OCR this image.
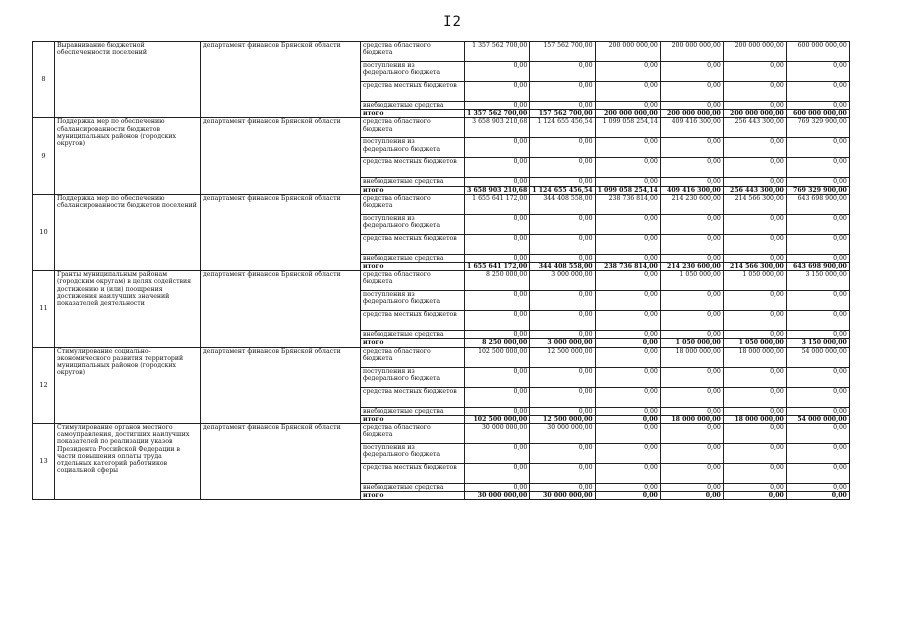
I2
8	Выравнивание бюджетной обеспеченности поселений	департамент финансов Брянской области	средства областного бюджета	1 357 562 700,00	157 562 700,00	200 000 000,00	200 000 000,00	200 000 000,00	600 000 000,00
			поступления из федерального бюджета	0,00	0,00	0,00	0,00	0,00	0,00
			средства местных бюджетов	0,00	0,00	0,00	0,00	0,00	0,00
			внебюджетные средства	0,00	0,00	0,00	0,00	0,00	0,00
			итого	1 357 562 700,00	157 562 700,00	200 000 000,00	200 000 000,00	200 000 000,00	600 000 000,00
9	Поддержка мер по обеспечению сбалансированности бюджетов муниципальных районов (городских округов)	департамент финансов Брянской области	средства областного бюджета	3 658 903 210,68	1 124 655 456,54	1 099 058 254,14	409 416 300,00	256 443 300,00	769 329 900,00
			поступления из федерального бюджета	0,00	0,00	0,00	0,00	0,00	0,00
			средства местных бюджетов	0,00	0,00	0,00	0,00	0,00	0,00
			внебюджетные средства	0,00	0,00	0,00	0,00	0,00	0,00
			итого	3 658 903 210,68	1 124 655 456,54	1 099 058 254,14	409 416 300,00	256 443 300,00	769 329 900,00
10	Поддержка мер по обеспечению сбалансированности бюджетов поселений	департамент финансов Брянской области	средства областного бюджета	1 655 641 172,00	344 408 558,00	238 736 814,00	214 230 600,00	214 566 300,00	643 698 900,00
			поступления из федерального бюджета	0,00	0,00	0,00	0,00	0,00	0,00
			средства местных бюджетов	0,00	0,00	0,00	0,00	0,00	0,00
			внебюджетные средства	0,00	0,00	0,00	0,00	0,00	0,00
			итого	1 655 641 172,00	344 408 558,00	238 736 814,00	214 230 600,00	214 566 300,00	643 698 900,00
11	Гранты муниципальным районам (городским округам) в целях содействия достижению и (или) поощрения достижения наилучших значений показателей деятельности	департамент финансов Брянской области	средства областного бюджета	8 250 000,00	3 000 000,00	0,00	1 050 000,00	1 050 000,00	3 150 000,00
			поступления из федерального бюджета	0,00	0,00	0,00	0,00	0,00	0,00
			средства местных бюджетов	0,00	0,00	0,00	0,00	0,00	0,00
			внебюджетные средства	0,00	0,00	0,00	0,00	0,00	0,00
			итого	8 250 000,00	3 000 000,00	0,00	1 050 000,00	1 050 000,00	3 150 000,00
12	Стимулирование социально-экономического развития территорий муниципальных районов (городских округов)	департамент финансов Брянской области	средства областного бюджета	102 500 000,00	12 500 000,00	0,00	18 000 000,00	18 000 000,00	54 000 000,00
			поступления из федерального бюджета	0,00	0,00	0,00	0,00	0,00	0,00
			средства местных бюджетов	0,00	0,00	0,00	0,00	0,00	0,00
			внебюджетные средства	0,00	0,00	0,00	0,00	0,00	0,00
			итого	102 500 000,00	12 500 000,00	0,00	18 000 000,00	18 000 000,00	54 000 000,00
13	Стимулирование органов местного самоуправления, достигших наилучших показателей по реализации указов Президента Российской Федерации в части повышения оплаты труда отдельных категорий работников социальной сферы	департамент финансов Брянской области	средства областного бюджета	30 000 000,00	30 000 000,00	0,00	0,00	0,00	0,00
			поступления из федерального бюджета	0,00	0,00	0,00	0,00	0,00	0,00
			средства местных бюджетов	0,00	0,00	0,00	0,00	0,00	0,00
			внебюджетные средства	0,00	0,00	0,00	0,00	0,00	0,00
			итого	30 000 000,00	30 000 000,00	0,00	0,00	0,00	0,00
